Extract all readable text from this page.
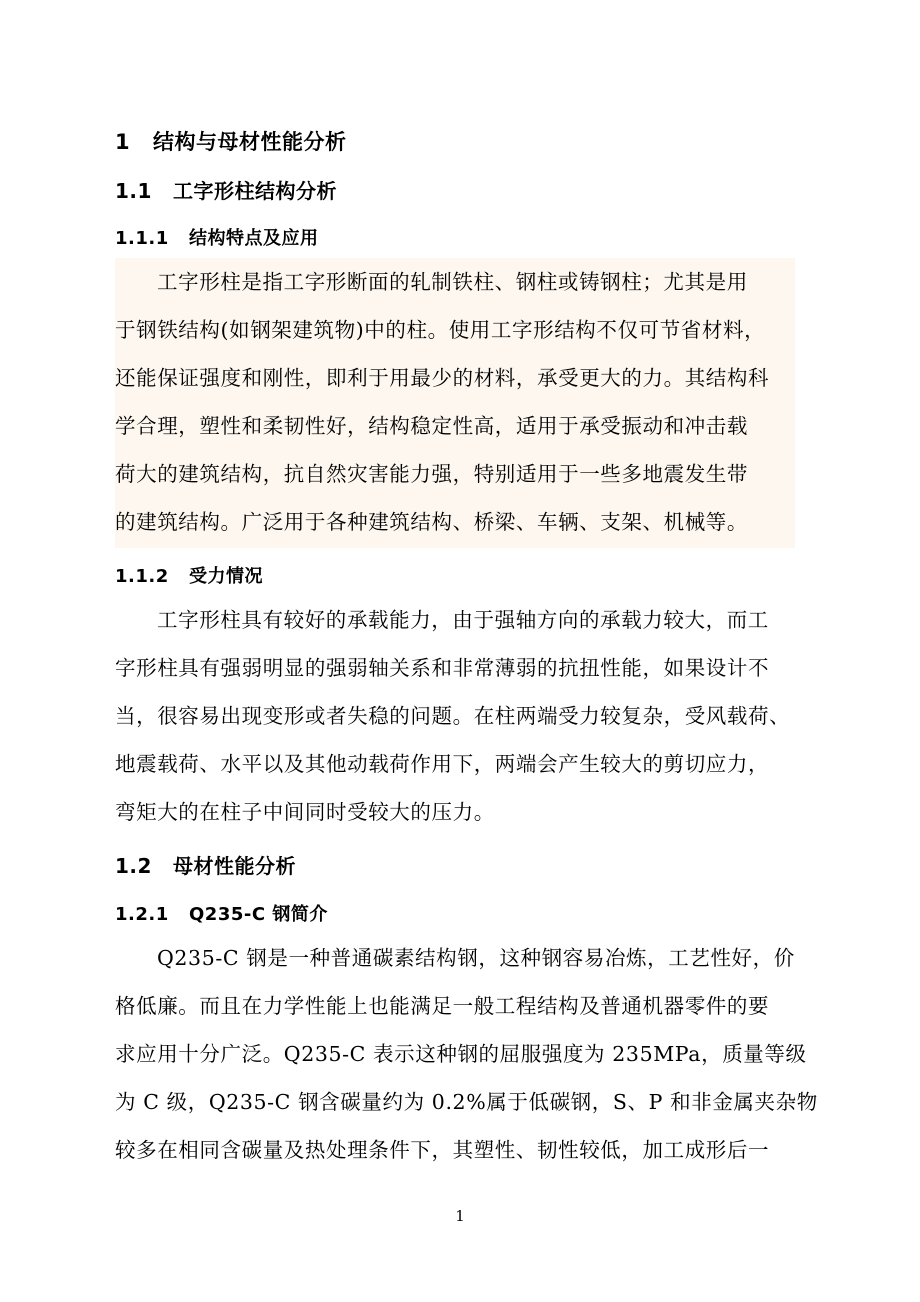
1 结构与母材性能分析
1.1 工字形柱结构分析
1.1.1 结构特点及应用
工字形柱是指工字形断面的轧制铁柱、钢柱或铸钢柱；尤其是用
于钢铁结构(如钢架建筑物)中的柱。使用工字形结构不仅可节省材料，
还能保证强度和刚性，即利于用最少的材料，承受更大的力。其结构科
学合理，塑性和柔韧性好，结构稳定性高，适用于承受振动和冲击载
荷大的建筑结构，抗自然灾害能力强，特别适用于一些多地震发生带
的建筑结构。广泛用于各种建筑结构、桥梁、车辆、支架、机械等。
1.1.2 受力情况
工字形柱具有较好的承载能力，由于强轴方向的承载力较大，而工
字形柱具有强弱明显的强弱轴关系和非常薄弱的抗扭性能，如果设计不
当，很容易出现变形或者失稳的问题。在柱两端受力较复杂，受风载荷、
地震载荷、水平以及其他动载荷作用下，两端会产生较大的剪切应力，
弯矩大的在柱子中间同时受较大的压力。
1.2 母材性能分析
1.2.1 Q235-C 钢简介
Q235-C 钢是一种普通碳素结构钢，这种钢容易冶炼，工艺性好，价
格低廉。而且在力学性能上也能满足一般工程结构及普通机器零件的要
求应用十分广泛。Q235-C 表示这种钢的屈服强度为 235MPa，质量等级
为 C 级，Q235-C 钢含碳量约为 0.2%属于低碳钢，S、P 和非金属夹杂物
较多在相同含碳量及热处理条件下，其塑性、韧性较低，加工成形后一
1
